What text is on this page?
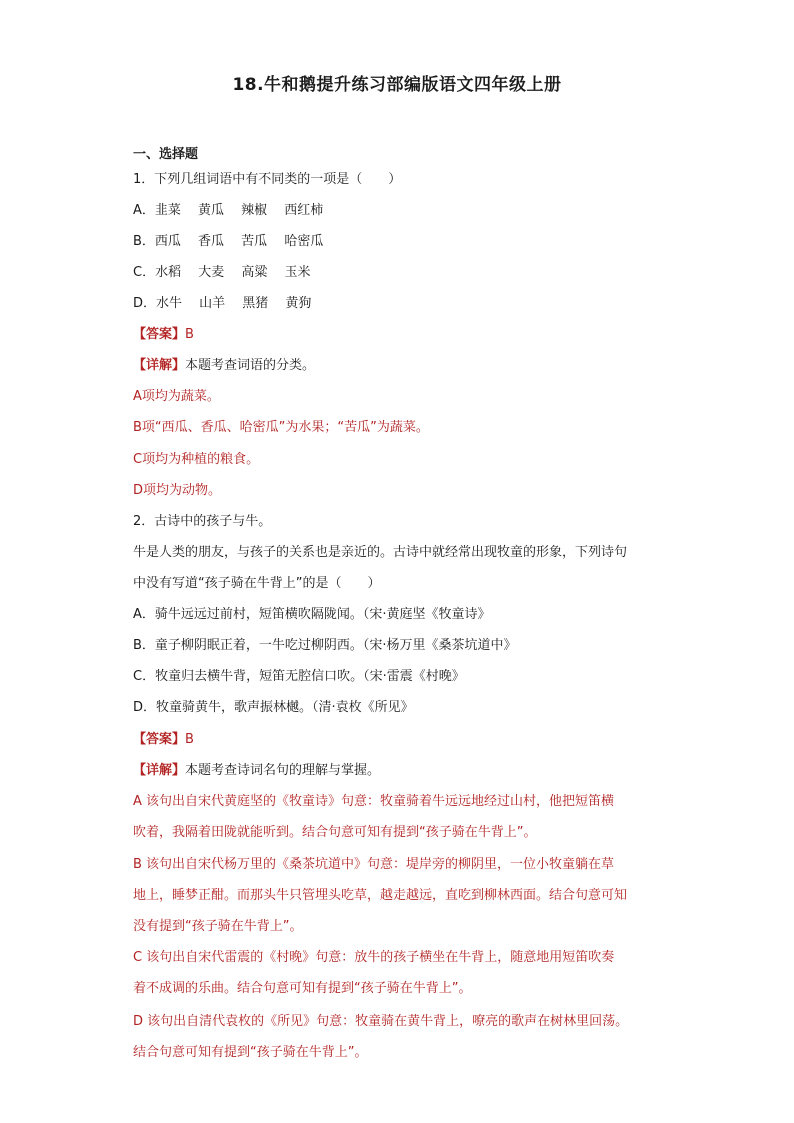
18.牛和鹅提升练习部编版语文四年级上册
一、选择题
1．下列几组词语中有不同类的一项是（　　）
A．韭菜　 黄瓜　 辣椒　 西红柿
B．西瓜　 香瓜　 苦瓜　 哈密瓜
C．水稻　 大麦　 高粱　 玉米
D．水牛　 山羊　 黑猪　 黄狗
【答案】B
【详解】本题考查词语的分类。
A项均为蔬菜。
B项“西瓜、香瓜、哈密瓜”为水果；“苦瓜”为蔬菜。
C项均为种植的粮食。
D项均为动物。
2．古诗中的孩子与牛。
牛是人类的朋友，与孩子的关系也是亲近的。古诗中就经常出现牧童的形象，下列诗句
中没有写道“孩子骑在牛背上”的是（　　）
A．骑牛远远过前村，短笛横吹隔陇闻。（宋·黄庭坚《牧童诗》
B．童子柳阴眠正着，一牛吃过柳阴西。（宋·杨万里《桑茶坑道中》
C．牧童归去横牛背，短笛无腔信口吹。（宋·雷震《村晚》
D．牧童骑黄牛，歌声振林樾。（清·袁枚《所见》
【答案】B
【详解】本题考查诗词名句的理解与掌握。
A 该句出自宋代黄庭坚的《牧童诗》句意：牧童骑着牛远远地经过山村，他把短笛横
吹着，我隔着田陇就能听到。结合句意可知有提到“孩子骑在牛背上”。
B 该句出自宋代杨万里的《桑茶坑道中》句意：堤岸旁的柳阴里，一位小牧童躺在草
地上，睡梦正酣。而那头牛只管埋头吃草，越走越远，直吃到柳林西面。结合句意可知
没有提到“孩子骑在牛背上”。
C 该句出自宋代雷震的《村晚》句意：放牛的孩子横坐在牛背上，随意地用短笛吹奏
着不成调的乐曲。结合句意可知有提到“孩子骑在牛背上”。
D 该句出自清代袁枚的《所见》句意：牧童骑在黄牛背上，嘹亮的歌声在树林里回荡。
结合句意可知有提到“孩子骑在牛背上”。
